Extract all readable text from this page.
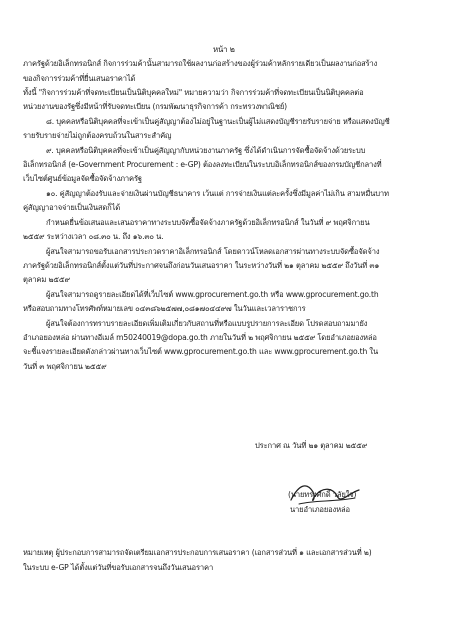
หน้า ๒
ภาครัฐด้วยอิเล็กทรอนิกส์ กิจการร่วมค้านั้นสามารถใช้ผลงานก่อสร้างของผู้ร่วมค้าหลักรายเดียวเป็นผลงานก่อสร้าง
ของกิจการร่วมค้าที่ยื่นเสนอราคาได้
ทั้งนี้ "กิจการร่วมค้าที่จดทะเบียนเป็นนิติบุคคลใหม่" หมายความว่า กิจการร่วมค้าที่จดทะเบียนเป็นนิติบุคคลต่อ
หน่วยงานของรัฐซึ่งมีหน้าที่รับจดทะเบียน (กรมพัฒนาธุรกิจการค้า กระทรวงพาณิชย์)
๘. บุคคลหรือนิติบุคคลที่จะเข้าเป็นคู่สัญญาต้องไม่อยู่ในฐานะเป็นผู้ไม่แสดงบัญชีรายรับรายจ่าย หรือแสดงบัญชี
รายรับรายจ่ายไม่ถูกต้องครบถ้วนในสาระสำคัญ
๙. บุคคลหรือนิติบุคคลที่จะเข้าเป็นคู่สัญญากับหน่วยงานภาครัฐ ซึ่งได้ดำเนินการจัดซื้อจัดจ้างด้วยระบบ
อิเล็กทรอนิกส์ (e-Government Procurement : e-GP) ต้องลงทะเบียนในระบบอิเล็กทรอนิกส์ของกรมบัญชีกลางที่
เว็บไซต์ศูนย์ข้อมูลจัดซื้อจัดจ้างภาครัฐ
๑๐. คู่สัญญาต้องรับและจ่ายเงินผ่านบัญชีธนาคาร เว้นแต่ การจ่ายเงินแต่ละครั้งซึ่งมีมูลค่าไม่เกิน สามหมื่นบาท
คู่สัญญาอาจจ่ายเป็นเงินสดก็ได้
กำหนดยื่นข้อเสนอและเสนอราคาทางระบบจัดซื้อจัดจ้างภาครัฐด้วยอิเล็กทรอนิกส์ ในวันที่ ๙ พฤศจิกายน
๒๕๕๙ ระหว่างเวลา ๐๘.๓๐ น. ถึง ๑๖.๓๐ น.
ผู้สนใจสามารถขอรับเอกสารประกวดราคาอิเล็กทรอนิกส์ โดยดาวน์โหลดเอกสารผ่านทางระบบจัดซื้อจัดจ้าง
ภาครัฐด้วยอิเล็กทรอนิกส์ตั้งแต่วันที่ประกาศจนถึงก่อนวันเสนอราคา ในระหว่างวันที่ ๒๑ ตุลาคม ๒๕๕๙ ถึงวันที่ ๓๑
ตุลาคม ๒๕๕๙
ผู้สนใจสามารถดูรายละเอียดได้ที่เว็บไซต์ www.gprocurement.go.th หรือ www.gprocurement.go.th
หรือสอบถามทางโทรศัพท์หมายเลข ๐๔๓๘๖๒๕๗๗,๐๘๑๗๐๔๔๙๗ ในวันและเวลาราชการ
ผู้สนใจต้องการทราบรายละเอียดเพิ่มเติมเกี่ยวกับสถานที่หรือแบบรูปรายการละเอียด โปรดสอบถามมายัง
อำเภอยองหล่อ ผ่านทางอีเมล์ m50240019@dopa.go.th ภายในวันที่ ๒ พฤศจิกายน ๒๕๕๙ โดยอำเภอยองหล่อ
จะชี้แจงรายละเอียดดังกล่าวผ่านทางเว็บไซต์ www.gprocurement.go.th และ www.gprocurement.go.th ใน
วันที่ ๓ พฤศจิกายน ๒๕๕๙
ประกาศ ณ วันที่ ๒๑ ตุลาคม ๒๕๕๙
(นายทรงศักดิ์ วลัยใจ)
นายอำเภอยองหล่อ
หมายเหตุ ผู้ประกอบการสามารถจัดเตรียมเอกสารประกอบการเสนอราคา (เอกสารส่วนที่ ๑ และเอกสารส่วนที่ ๒)
ในระบบ e-GP ได้ตั้งแต่วันที่ขอรับเอกสารจนถึงวันเสนอราคา
